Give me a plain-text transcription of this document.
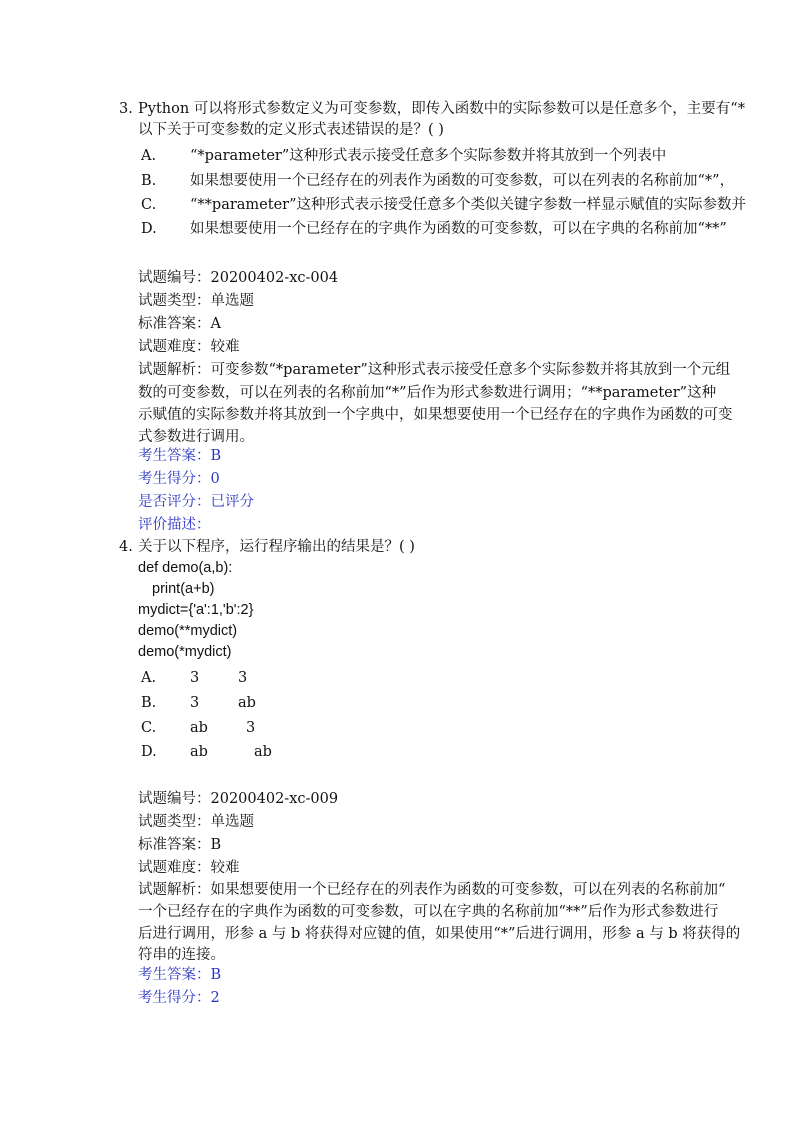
3. Python 可以将形式参数定义为可变参数，即传入函数中的实际参数可以是任意多个，主要有“*
以下关于可变参数的定义形式表述错误的是？( )
A. “*parameter”这种形式表示接受任意多个实际参数并将其放到一个列表中
B. 如果想要使用一个已经存在的列表作为函数的可变参数，可以在列表的名称前加“*”，
C. “**parameter”这种形式表示接受任意多个类似关键字参数一样显示赋值的实际参数并
D. 如果想要使用一个已经存在的字典作为函数的可变参数，可以在字典的名称前加“**”
试题编号：20200402-xc-004
试题类型：单选题
标准答案：A
试题难度：较难
试题解析：可变参数“*parameter”这种形式表示接受任意多个实际参数并将其放到一个元组
数的可变参数，可以在列表的名称前加“*”后作为形式参数进行调用；“**parameter”这种
示赋值的实际参数并将其放到一个字典中，如果想要使用一个已经存在的字典作为函数的可变
式参数进行调用。
考生答案：B
考生得分：0
是否评分：已评分
评价描述：
4. 关于以下程序，运行程序输出的结果是？( )
def demo(a,b):
print(a+b)
mydict={'a':1,'b':2}
demo(**mydict)
demo(*mydict)
A. 3	3
B. 3	ab
C. ab	3
D. ab	ab
试题编号：20200402-xc-009
试题类型：单选题
标准答案：B
试题难度：较难
试题解析：如果想要使用一个已经存在的列表作为函数的可变参数，可以在列表的名称前加“
一个已经存在的字典作为函数的可变参数，可以在字典的名称前加“**”后作为形式参数进行
后进行调用，形参 a 与 b 将获得对应键的值，如果使用“*”后进行调用，形参 a 与 b 将获得的
符串的连接。
考生答案：B
考生得分：2
